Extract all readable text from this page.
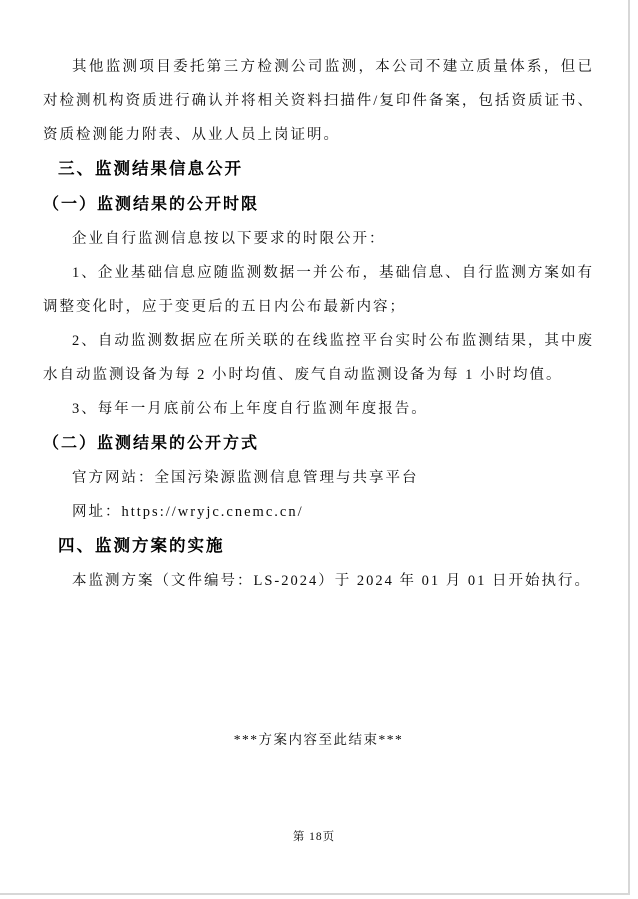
其他监测项目委托第三方检测公司监测，本公司不建立质量体系，但已对检测机构资质进行确认并将相关资料扫描件/复印件备案，包括资质证书、资质检测能力附表、从业人员上岗证明。

三、监测结果信息公开
（一）监测结果的公开时限

企业自行监测信息按以下要求的时限公开：

1、企业基础信息应随监测数据一并公布，基础信息、自行监测方案如有调整变化时，应于变更后的五日内公布最新内容；

2、自动监测数据应在所关联的在线监控平台实时公布监测结果，其中废水自动监测设备为每 2 小时均值、废气自动监测设备为每 1 小时均值。

3、每年一月底前公布上年度自行监测年度报告。

（二）监测结果的公开方式

官方网站：全国污染源监测信息管理与共享平台

网址：https://wryjc.cnemc.cn/

四、监测方案的实施

本监测方案（文件编号：LS-2024）于 2024 年 01 月 01 日开始执行。

***方案内容至此结束***
第 18页
